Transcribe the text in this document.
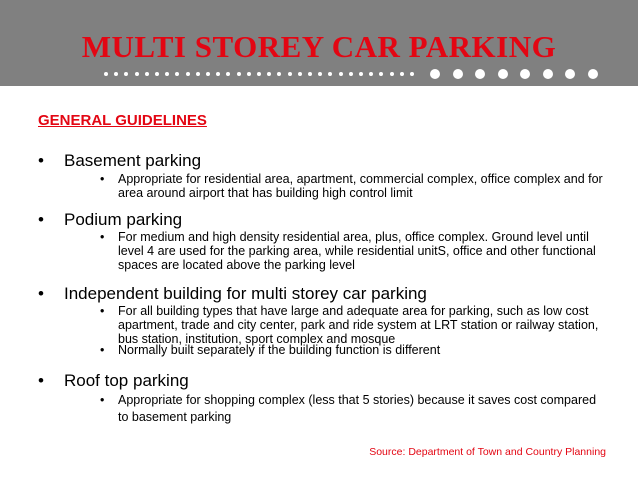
MULTI STOREY CAR PARKING
GENERAL GUIDELINES
• Basement parking
• Appropriate for residential area, apartment, commercial complex, office complex and for area around airport that has building high control limit
• Podium parking
• For medium and high density residential area, plus, office complex. Ground level until level 4 are used for the parking area, while residential unitS, office and other functional spaces are located above the parking level
• Independent building for multi storey car parking
• For all building types that have large and adequate area for parking, such as low cost apartment, trade and city center, park and ride system at LRT station or railway station, bus station, institution, sport complex and mosque
• Normally built separately if the building function is different
• Roof top parking
• Appropriate for shopping complex (less that 5 stories) because it saves cost compared to basement parking
Source: Department of Town and Country Planning
